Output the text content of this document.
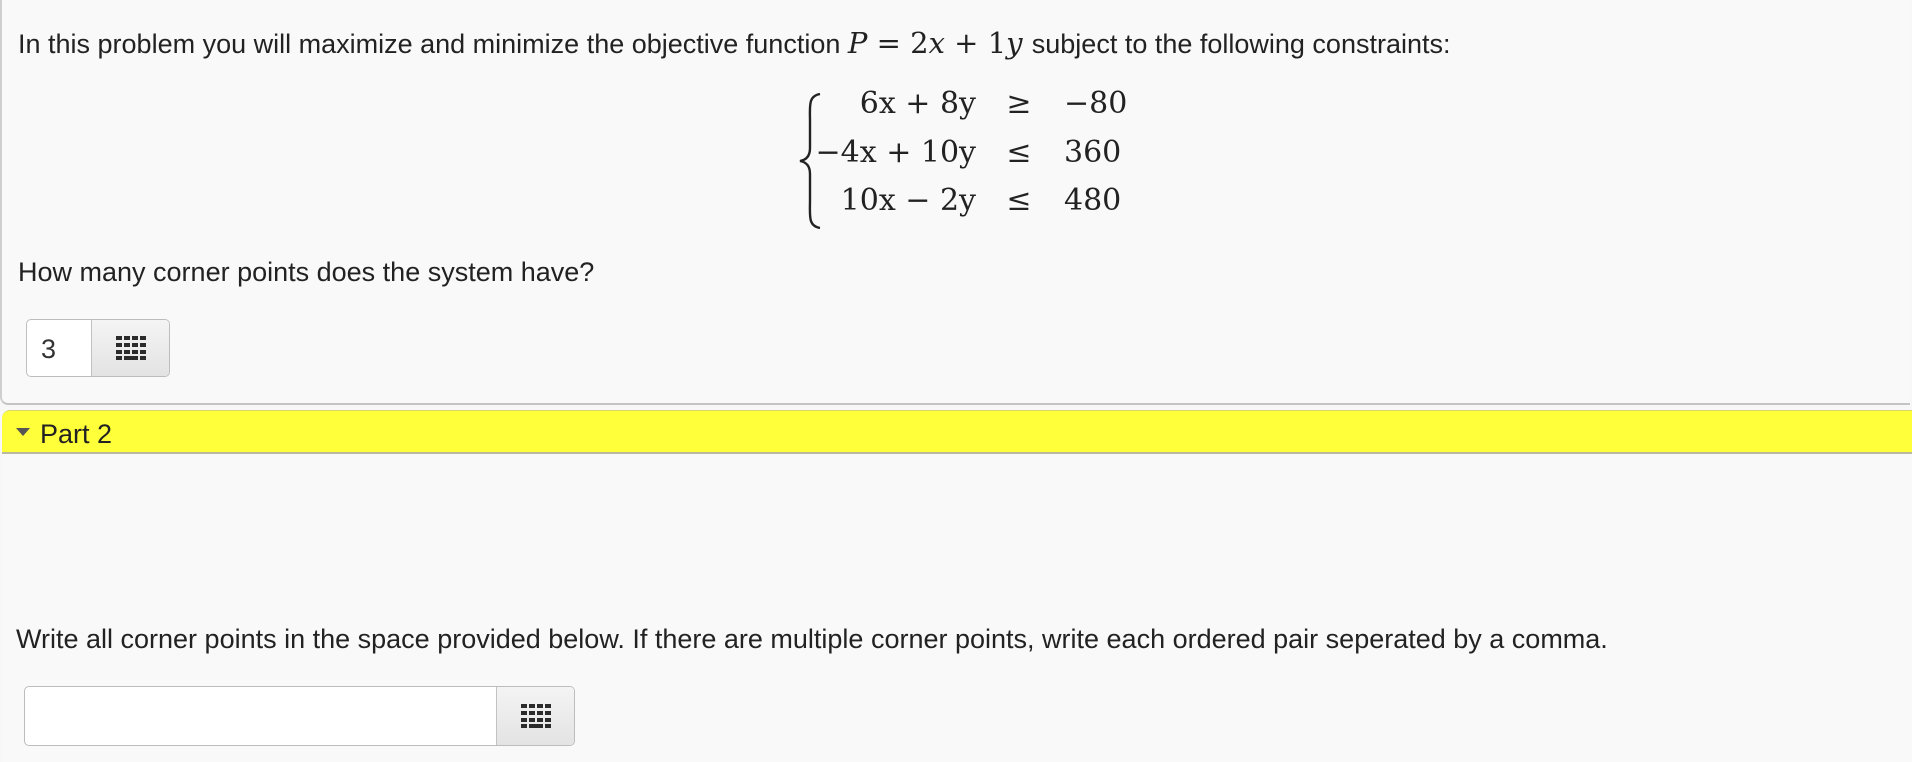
In this problem you will maximize and minimize the objective function P = 2x + 1y subject to the following constraints:
6x + 8y ≥ −80
−4x + 10y ≤ 360
10x − 2y ≤ 480
How many corner points does the system have?
3
Part 2
Write all corner points in the space provided below. If there are multiple corner points, write each ordered pair seperated by a comma.
